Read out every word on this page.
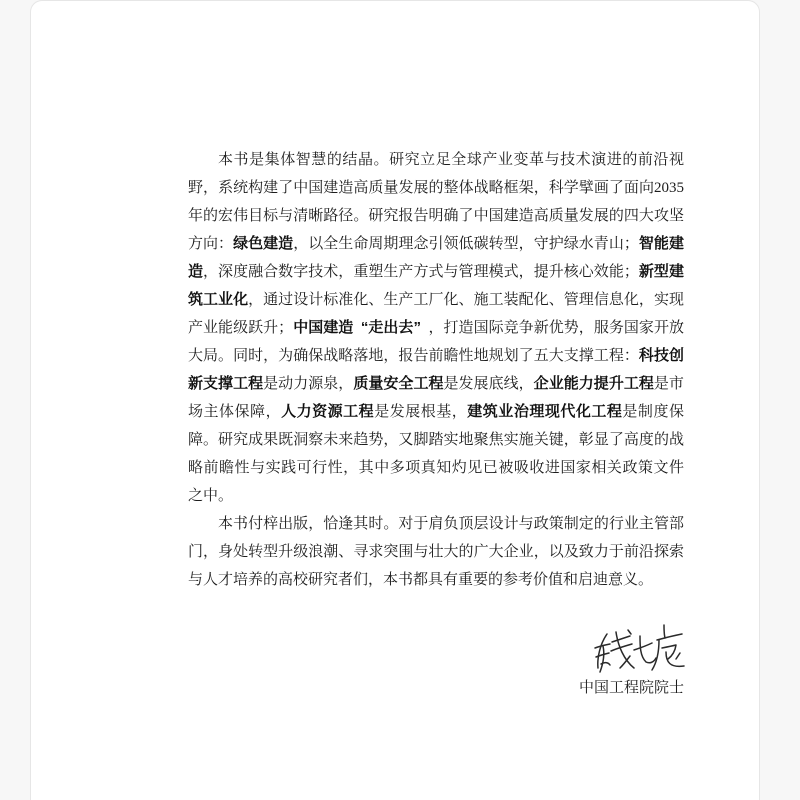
本书是集体智慧的结晶。研究立足全球产业变革与技术演进的前沿视野，系统构建了中国建造高质量发展的整体战略框架，科学擘画了面向2035年的宏伟目标与清晰路径。研究报告明确了中国建造高质量发展的四大攻坚方向：绿色建造，以全生命周期理念引领低碳转型，守护绿水青山；智能建造，深度融合数字技术，重塑生产方式与管理模式，提升核心效能；新型建筑工业化，通过设计标准化、生产工厂化、施工装配化、管理信息化，实现产业能级跃升；中国建造 “走出去” ，打造国际竞争新优势，服务国家开放大局。同时，为确保战略落地，报告前瞻性地规划了五大支撑工程：科技创新支撑工程是动力源泉，质量安全工程是发展底线，企业能力提升工程是市场主体保障，人力资源工程是发展根基，建筑业治理现代化工程是制度保障。研究成果既洞察未来趋势，又脚踏实地聚焦实施关键，彰显了高度的战略前瞻性与实践可行性，其中多项真知灼见已被吸收进国家相关政策文件之中。

本书付梓出版，恰逢其时。对于肩负顶层设计与政策制定的行业主管部门，身处转型升级浪潮、寻求突围与壮大的广大企业，以及致力于前沿探索与人才培养的高校研究者们，本书都具有重要的参考价值和启迪意义。

中国工程院院士
